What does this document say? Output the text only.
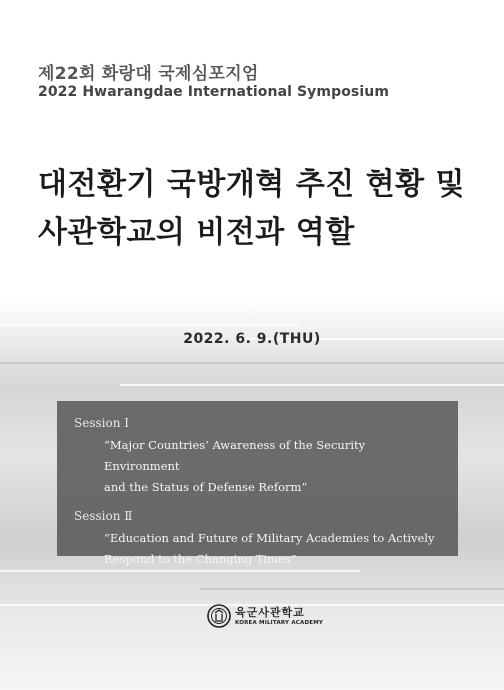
제22회 화랑대 국제심포지엄

2022 Hwarangdae International Symposium

대전환기 국방개혁 추진 현황 및
사관학교의 비전과 역할

2022. 6. 9.(THU)

Session Ⅰ

“Major Countries’ Awareness of the Security Environment
and the Status of Defense Reform”

Session Ⅱ

“Education and Future of Military Academies to Actively
Respond to the Changing Times”

육군사관학교
KOREA MILITARY ACADEMY
